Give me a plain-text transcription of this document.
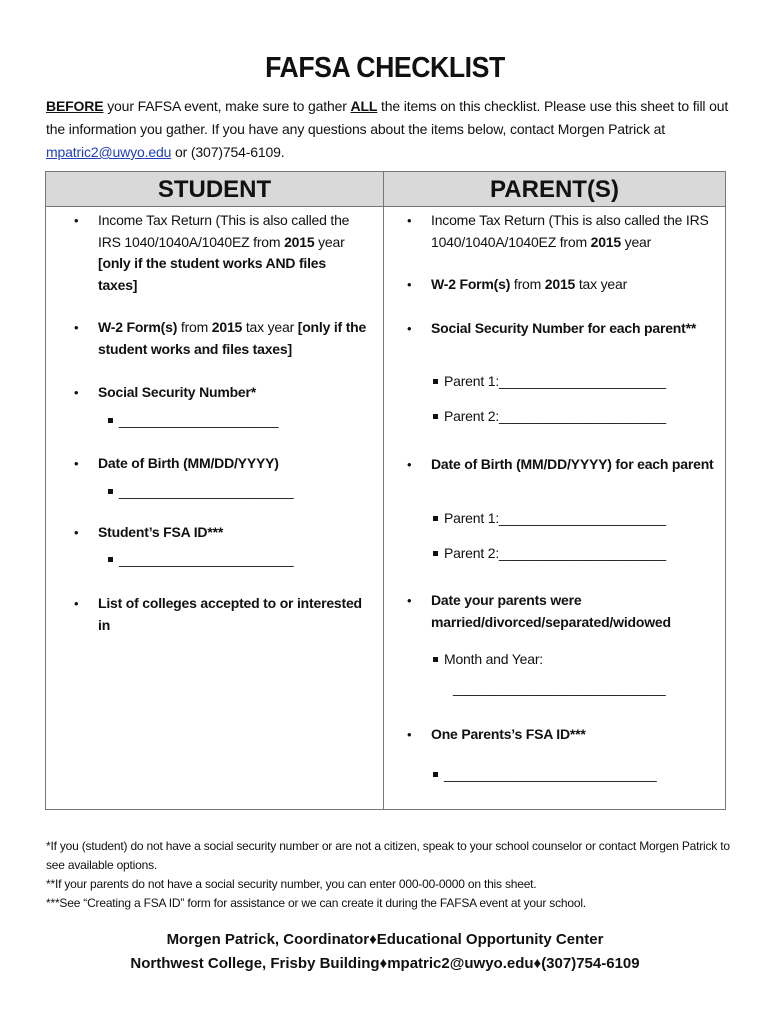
FAFSA CHECKLIST
BEFORE your FAFSA event, make sure to gather ALL the items on this checklist. Please use this sheet to fill out the information you gather. If you have any questions about the items below, contact Morgen Patrick at mpatric2@uwyo.edu or (307)754-6109.
STUDENT	PARENT(S)
• Income Tax Return (This is also called the IRS 1040/1040A/1040EZ from 2015 year [only if the student works AND files taxes]
• W-2 Form(s) from 2015 tax year [only if the student works and files taxes]
• Social Security Number*
_____________________
• Date of Birth (MM/DD/YYYY)
_______________________
• Student’s FSA ID***
_______________________
• List of colleges accepted to or interested in
• Income Tax Return (This is also called the IRS 1040/1040A/1040EZ from 2015 year
• W-2 Form(s) from 2015 tax year
• Social Security Number for each parent**
Parent 1:______________________
Parent 2:______________________
• Date of Birth (MM/DD/YYYY) for each parent
Parent 1:______________________
Parent 2:______________________
• Date your parents were married/divorced/separated/widowed
Month and Year:
____________________________
• One Parents’s FSA ID***
____________________________
*If you (student) do not have a social security number or are not a citizen, speak to your school counselor or contact Morgen Patrick to see available options.
**If your parents do not have a social security number, you can enter 000-00-0000 on this sheet.
***See “Creating a FSA ID” form for assistance or we can create it during the FAFSA event at your school.
Morgen Patrick, Coordinator♦Educational Opportunity Center
Northwest College, Frisby Building♦mpatric2@uwyo.edu♦(307)754-6109
